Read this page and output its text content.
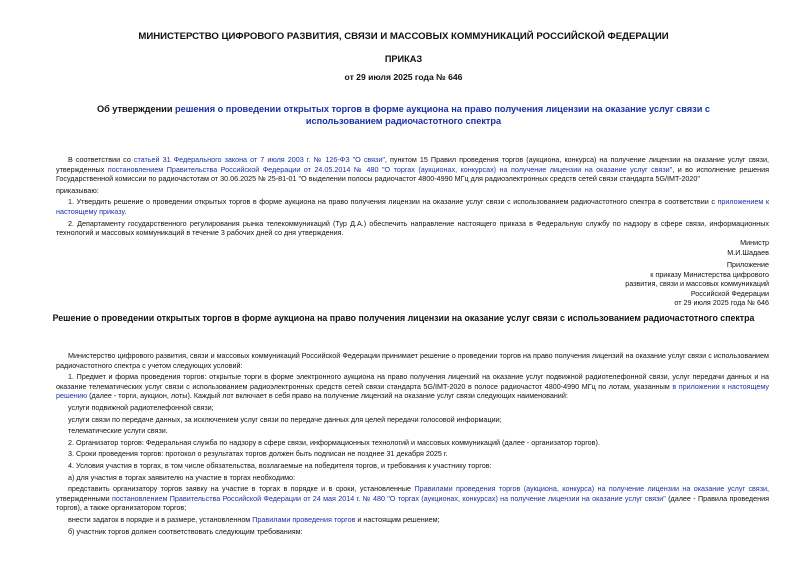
МИНИСТЕРСТВО ЦИФРОВОГО РАЗВИТИЯ, СВЯЗИ И МАССОВЫХ КОММУНИКАЦИЙ РОССИЙСКОЙ ФЕДЕРАЦИИ
ПРИКАЗ
от 29 июля 2025 года № 646
Об утверждении решения о проведении открытых торгов в форме аукциона на право получения лицензии на оказание услуг связи с использованием радиочастотного спектра

В соответствии со статьей 31 Федерального закона от 7 июля 2003 г. № 126-ФЗ "О связи", пунктом 15 Правил проведения торгов (аукциона, конкурса) на получение лицензии на оказание услуг связи, утвержденных постановлением Правительства Российской Федерации от 24.05.2014 № 480 "О торгах (аукционах, конкурсах) на получение лицензии на оказание услуг связи", и во исполнение решения Государственной комиссии по радиочастотам от 30.06.2025 № 25-81-01 "О выделении полосы радиочастот 4800-4990 МГц для радиоэлектронных средств сетей связи стандарта 5G/IMT-2020"

приказываю:

1. Утвердить решение о проведении открытых торгов в форме аукциона на право получения лицензии на оказание услуг связи с использованием радиочастотного спектра в соответствии с приложением к настоящему приказу.

2. Департаменту государственного регулирования рынка телекоммуникаций (Тур Д.А.) обеспечить направление настоящего приказа в Федеральную службу по надзору в сфере связи, информационных технологий и массовых коммуникаций в течение 3 рабочих дней со дня утверждения.

Министр

М.И.Шадаев

Приложение

к приказу Министерства цифрового

развития, связи и массовых коммуникаций

Российской Федерации

от 29 июля 2025 года № 646

Решение о проведении открытых торгов в форме аукциона на право получения лицензии на оказание услуг связи с использованием радиочастотного спектра

Министерство цифрового развития, связи и массовых коммуникаций Российской Федерации принимает решение о проведении торгов на право получения лицензий на оказание услуг связи с использованием радиочастотного спектра с учетом следующих условий:

1. Предмет и форма проведения торгов: открытые торги в форме электронного аукциона на право получения лицензий на оказание услуг подвижной радиотелефонной связи, услуг передачи данных и на оказание телематических услуг связи с использованием радиоэлектронных средств сетей связи стандарта 5G/IMT-2020 в полосе радиочастот 4800-4990 МГц по лотам, указанным в приложении к настоящему решению (далее - торги, аукцион, лоты). Каждый лот включает в себя право на получение лицензий на оказание услуг связи следующих наименований:

услуги подвижной радиотелефонной связи;

услуги связи по передаче данных, за исключением услуг связи по передаче данных для целей передачи голосовой информации;

телематические услуги связи.

2. Организатор торгов: Федеральная служба по надзору в сфере связи, информационных технологий и массовых коммуникаций (далее - организатор торгов).

3. Сроки проведения торгов: протокол о результатах торгов должен быть подписан не позднее 31 декабря 2025 г.

4. Условия участия в торгах, в том числе обязательства, возлагаемые на победителя торгов, и требования к участнику торгов:

а) для участия в торгах заявителю на участие в торгах необходимо:

представить организатору торгов заявку на участие в торгах в порядке и в сроки, установленные Правилами проведения торгов (аукциона, конкурса) на получение лицензии на оказание услуг связи, утвержденными постановлением Правительства Российской Федерации от 24 мая 2014 г. № 480 "О торгах (аукционах, конкурсах) на получение лицензии на оказание услуг связи" (далее - Правила проведения торгов), а также организатором торгов;

внести задаток в порядке и в размере, установленном Правилами проведения торгов и настоящим решением;

б) участник торгов должен соответствовать следующим требованиям:
